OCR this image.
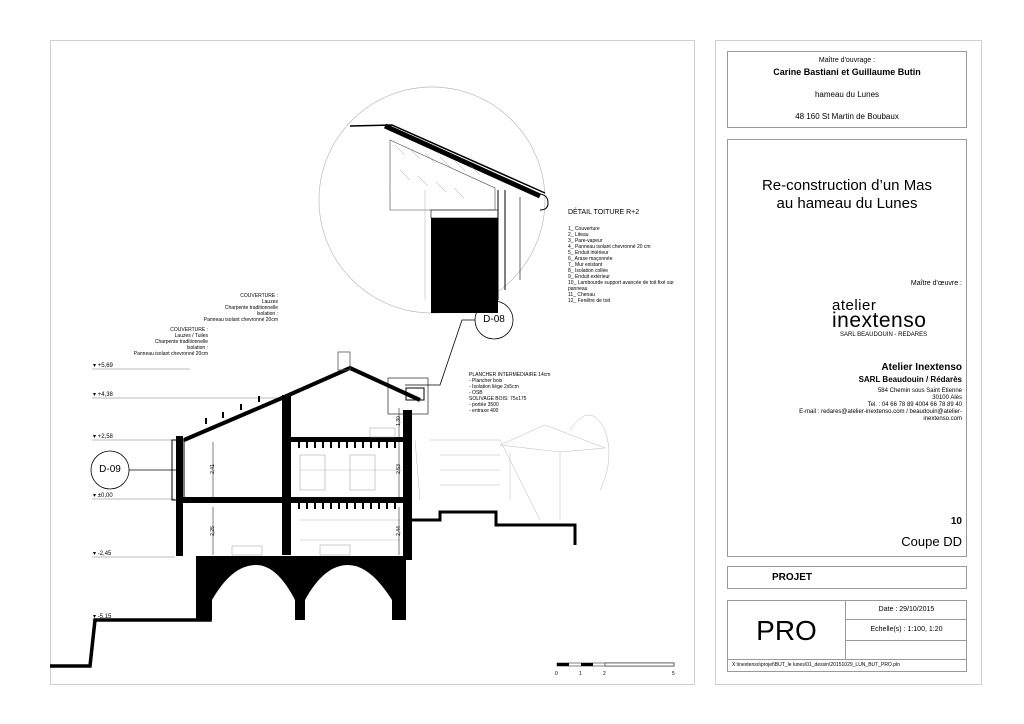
▾ +5,69
▾ +4,38
▾ +2,58
▾ ±0,00
▾ -2,45
▾ -5,15
2,41
2,25
2,53
2,44
1,30
D-09
D-08
COUVERTURE :
Lauzes
Charpente traditionnelle
Isolation :
Panneau isolant chevronné 20cm
COUVERTURE :
Lauzes / Tuiles
Charpente traditionnelle
Isolation :
Panneau isolant chevronné 20cm
PLANCHER INTERMEDIAIRE 14cm
- Plancher bois
- Isolation liège 2x5cm
- OSB
SOLIVAGE BOIS: 75x175
- portée 3500
- entraxe 400
DÉTAIL TOITURE R+2
1_ Couverture
2_ Liteau
3_ Pare-vapeur
4_ Panneau isolant chevronné 20 cm
5_ Enduit intérieur
6_ Arase maçonnée
7_ Mur existant
8_ Isolation collée
9_ Enduit extérieur
10_ Lambourde support avancée de toit fixé sur panneau
11_ Chenau
12_ Fenêtre de toit
0	1	2	5
Maître d'ouvrage :
Carine Bastiani et Guillaume Butin
hameau du Lunes
48 160 St Martin de Boubaux
Re-construction d’un Mas
au hameau du Lunes
Maître d'œuvre :
atelier
inextenso
SARL BEAUDOUIN - REDARES
Atelier Inextenso
SARL Beaudouin / Rédarès
584 Chemin sous Saint Etienne
30100 Alès
Tel. : 04 66 78 89 4004 66 78 89 40
E-mail : redares@atelier-inextenso.com / beaudouin@atelier-
inextenso.com
10
Coupe DD
PROJET
PRO
Date : 29/10/2015
Echelle(s) : 1:100, 1:20
X:\inextenso\projet\BUT_le lunes\01_dessin\20151029_LUN_BUT_PRO.pln
